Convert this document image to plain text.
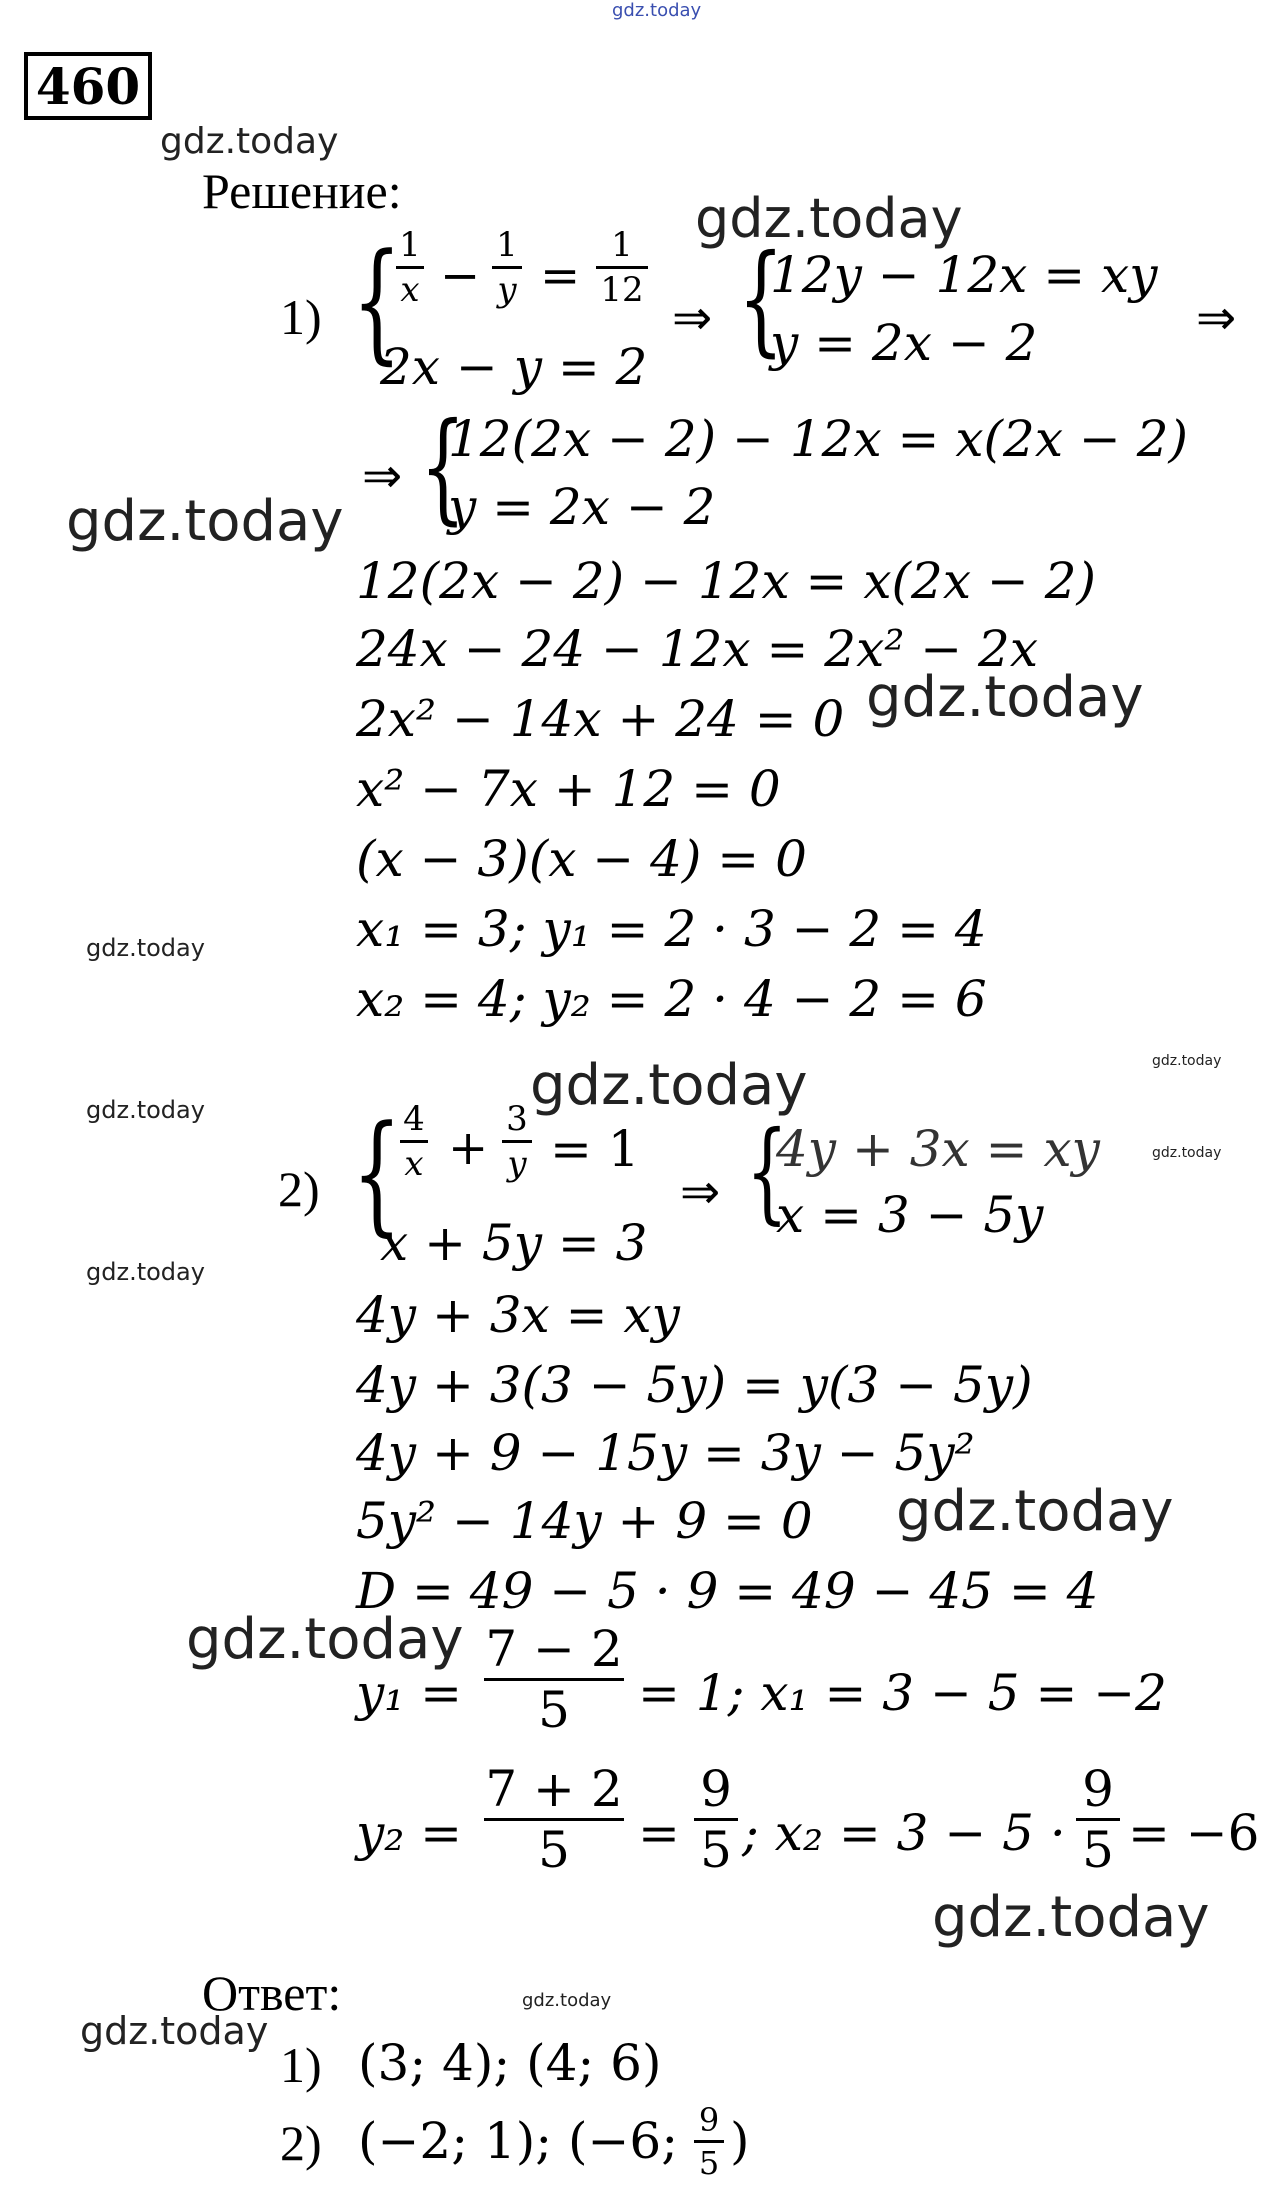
gdz.today
gdz.today
gdz.today
gdz.today
gdz.today
gdz.today
gdz.today
gdz.today
gdz.today
gdz.today
gdz.today
gdz.today
gdz.today
gdz.today
gdz.today
gdz.today
460
Решение:
1) {
1
x −
1
y =
1
12
2x − y = 2
⇒ {
12y − 12x = xy
y = 2x − 2	⇒
⇒ {
12(2x − 2) − 12x = x(2x − 2)
y = 2x − 2
12(2x − 2) − 12x = x(2x − 2)
24x − 24 − 12x = 2x² − 2x
2x² − 14x + 24 = 0
x² − 7x + 12 = 0
(x − 3)(x − 4) = 0
x₁ = 3; y₁ = 2 · 3 − 2 = 4
x₂ = 4; y₂ = 2 · 4 − 2 = 6
2) { 4
x +
3
y = 1
x + 5y = 3
⇒ {
4y + 3x = xy
x = 3 − 5y
4y + 3x = xy
4y + 3(3 − 5y) = y(3 − 5y)
4y + 9 − 15y = 3y − 5y²
5y² − 14y + 9 = 0
D = 49 − 5 · 9 = 49 − 45 = 4
y₁ =
7 − 2
5	= 1; x₁ = 3 − 5 = −2
y₂ =
7 + 2
5	=
9
5 ; x₂ = 3 − 5 ·
9
5 = −6
Ответ:
1) (3; 4); (4; 6)
2) (−2; 1); (−6; 9
5 )
